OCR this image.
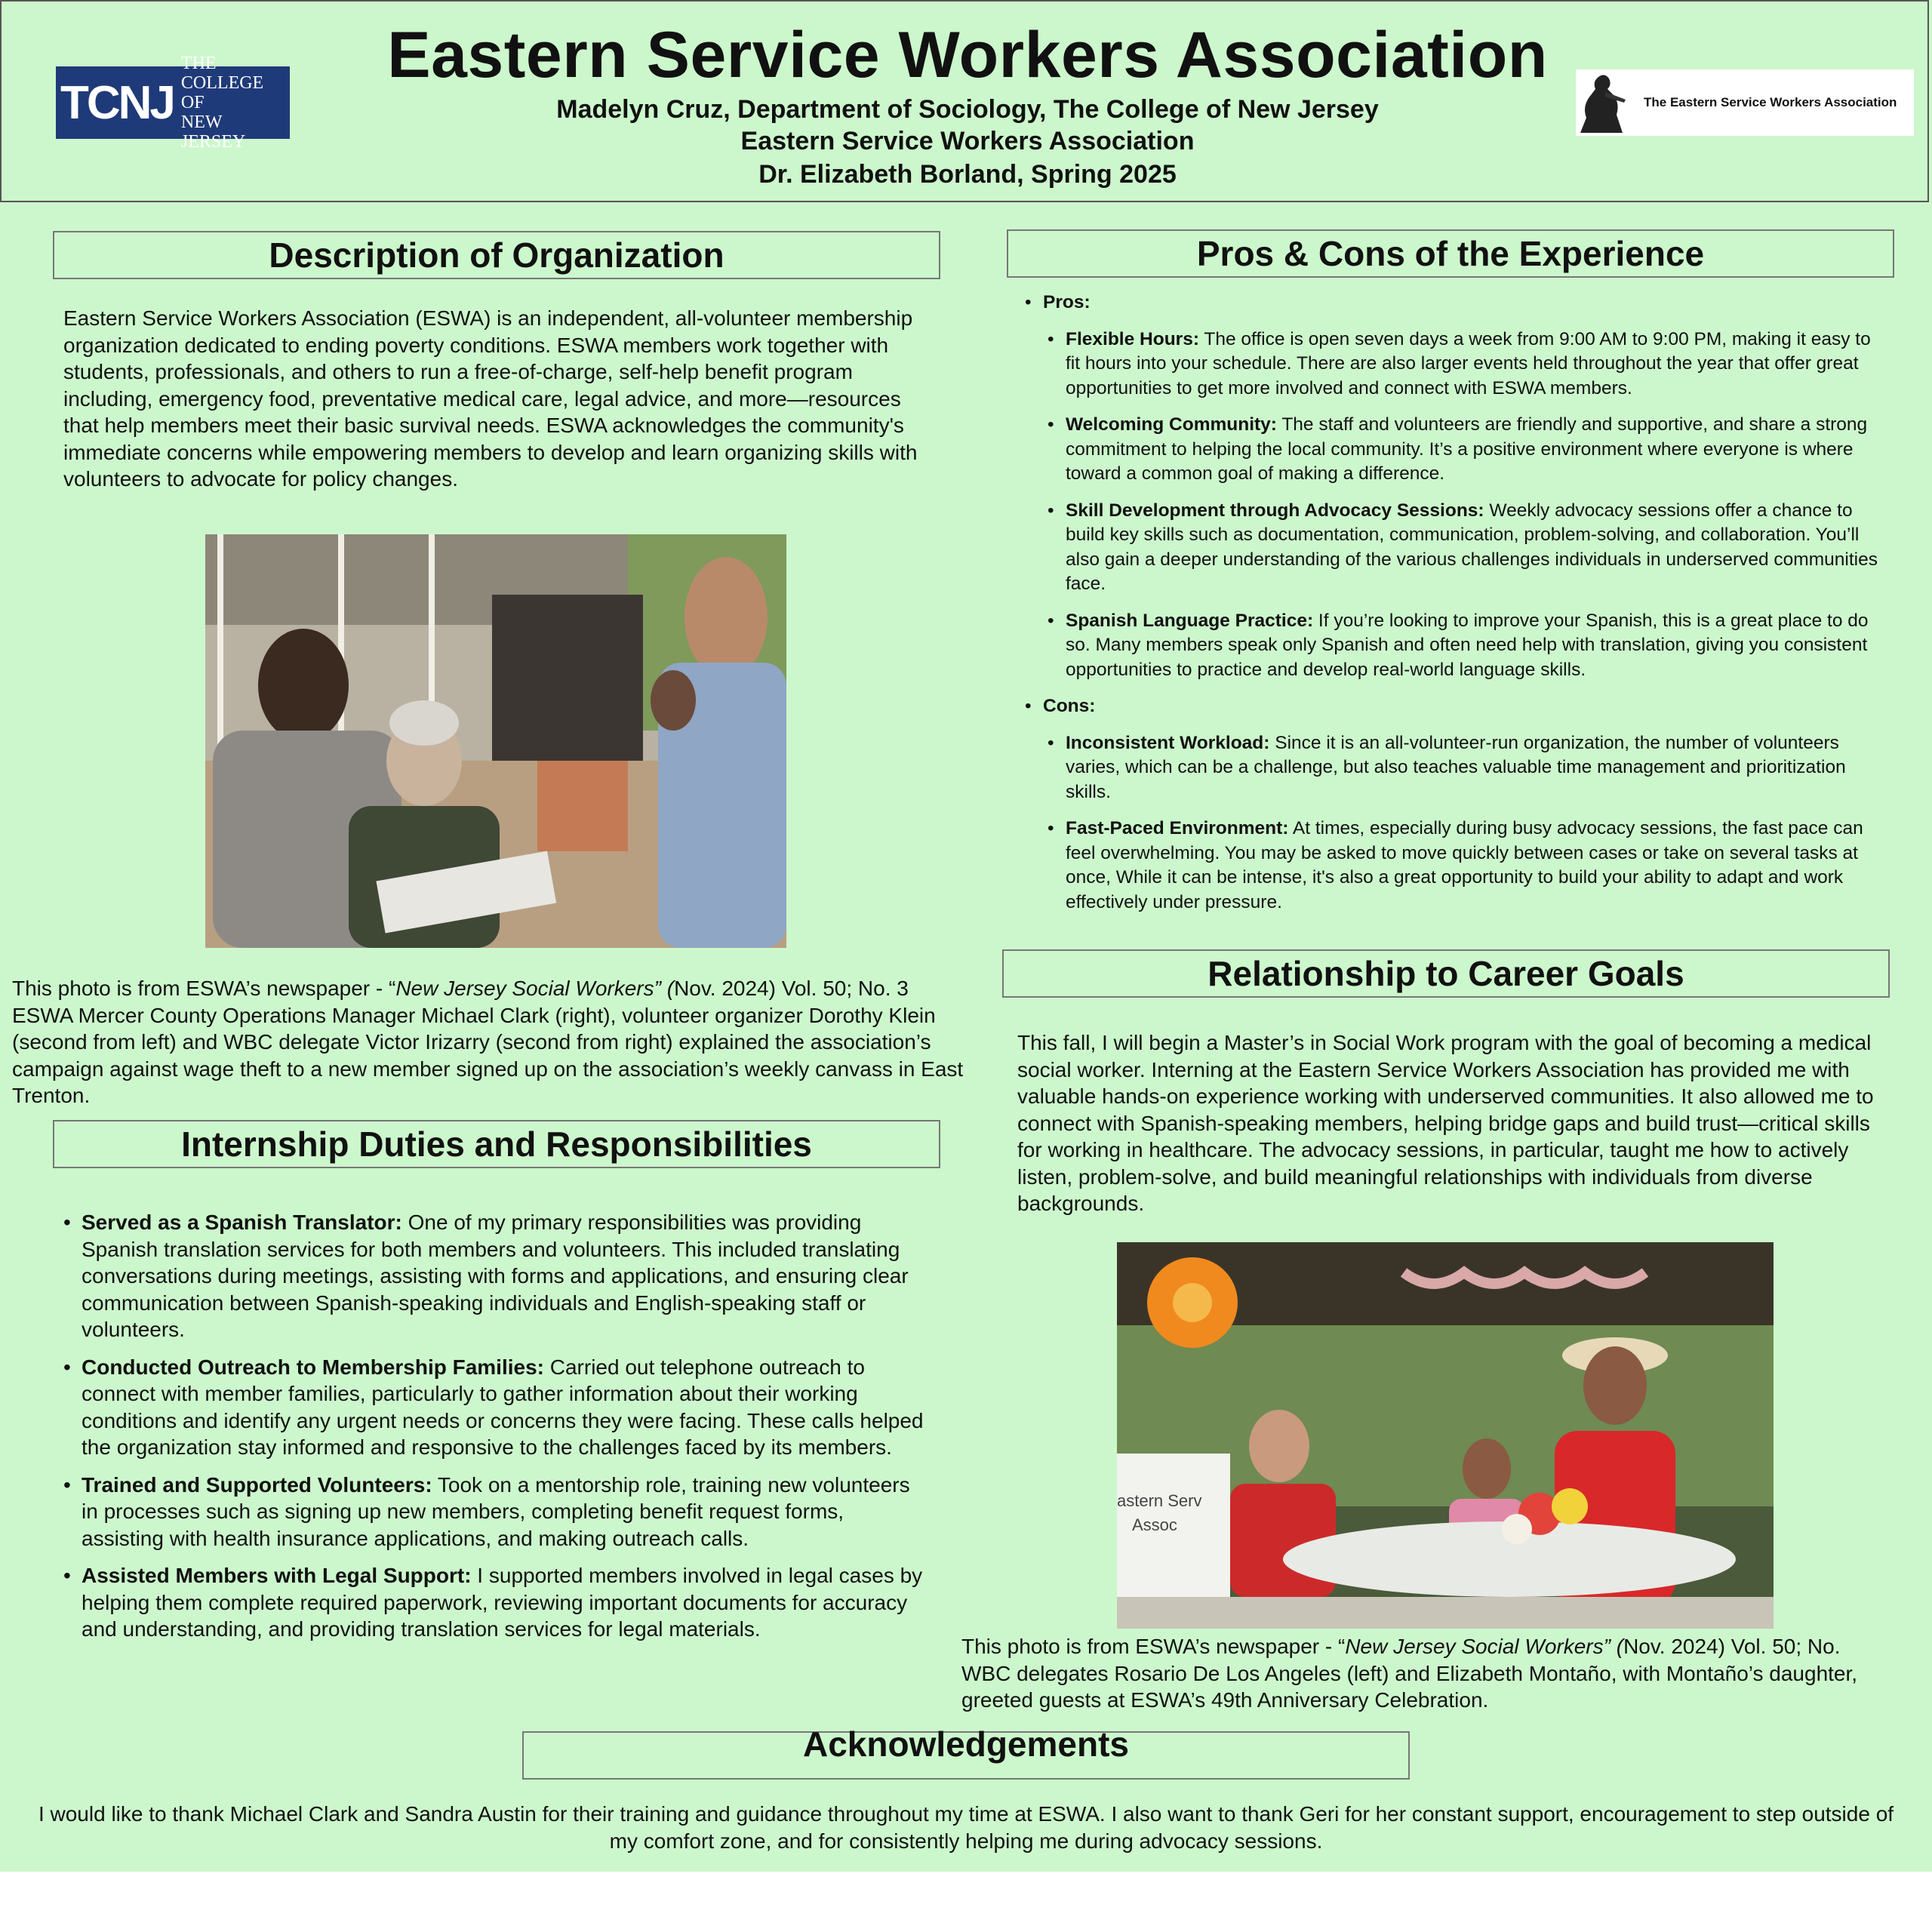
TCNJ
THE COLLEGE OF
NEW JERSEY
Eastern Service Workers Association
Madelyn Cruz, Department of Sociology, The College of New Jersey
Eastern Service Workers Association
Dr. Elizabeth Borland, Spring 2025
The Eastern Service Workers Association
Description of Organization
Eastern Service Workers Association (ESWA) is an independent, all-volunteer membership organization dedicated to ending poverty conditions. ESWA members work together with students, professionals, and others to run a free-of-charge, self-help benefit program including, emergency food, preventative medical care, legal advice, and more—resources that help members meet their basic survival needs. ESWA acknowledges the community's immediate concerns while empowering members to develop and learn organizing skills with volunteers to advocate for policy changes.
This photo is from ESWA’s newspaper - “New Jersey Social Workers” (Nov. 2024) Vol. 50; No. 3
ESWA Mercer County Operations Manager Michael Clark (right), volunteer organizer Dorothy Klein (second from left) and WBC delegate Victor Irizarry (second from right) explained the association’s campaign against wage theft to a new member signed up on the association’s weekly canvass in East Trenton.
Internship Duties and Responsibilities
• Served as a Spanish Translator: One of my primary responsibilities was providing Spanish translation services for both members and volunteers. This included translating conversations during meetings, assisting with forms and applications, and ensuring clear communication between Spanish-speaking individuals and English-speaking staff or volunteers.
• Conducted Outreach to Membership Families: Carried out telephone outreach to connect with member families, particularly to gather information about their working conditions and identify any urgent needs or concerns they were facing. These calls helped the organization stay informed and responsive to the challenges faced by its members.
• Trained and Supported Volunteers: Took on a mentorship role, training new volunteers in processes such as signing up new members, completing benefit request forms, assisting with health insurance applications, and making outreach calls.
• Assisted Members with Legal Support: I supported members involved in legal cases by helping them complete required paperwork, reviewing important documents for accuracy and understanding, and providing translation services for legal materials.
Pros & Cons of the Experience
• Pros:
• Flexible Hours: The office is open seven days a week from 9:00 AM to 9:00 PM, making it easy to fit hours into your schedule. There are also larger events held throughout the year that offer great opportunities to get more involved and connect with ESWA members.
• Welcoming Community: The staff and volunteers are friendly and supportive, and share a strong commitment to helping the local community. It’s a positive environment where everyone is where toward a common goal of making a difference.
• Skill Development through Advocacy Sessions: Weekly advocacy sessions offer a chance to build key skills such as documentation, communication, problem-solving, and collaboration. You’ll also gain a deeper understanding of the various challenges individuals in underserved communities face.
• Spanish Language Practice: If you’re looking to improve your Spanish, this is a great place to do so. Many members speak only Spanish and often need help with translation, giving you consistent opportunities to practice and develop real-world language skills.
• Cons:
• Inconsistent Workload: Since it is an all-volunteer-run organization, the number of volunteers varies, which can be a challenge, but also teaches valuable time management and prioritization skills.
• Fast-Paced Environment: At times, especially during busy advocacy sessions, the fast pace can feel overwhelming. You may be asked to move quickly between cases or take on several tasks at once, While it can be intense, it's also a great opportunity to build your ability to adapt and work effectively under pressure.
Relationship to Career Goals
This fall, I will begin a Master’s in Social Work program with the goal of becoming a medical social worker. Interning at the Eastern Service Workers Association has provided me with valuable hands-on experience working with underserved communities. It also allowed me to connect with Spanish-speaking members, helping bridge gaps and build trust—critical skills for working in healthcare. The advocacy sessions, in particular, taught me how to actively listen, problem-solve, and build meaningful relationships with individuals from diverse backgrounds.
astern Serv
Assoc
This photo is from ESWA’s newspaper - “New Jersey Social Workers” (Nov. 2024) Vol. 50; No.
WBC delegates Rosario De Los Angeles (left) and Elizabeth Montaño, with Montaño’s daughter, greeted guests at ESWA’s 49th Anniversary Celebration.
Acknowledgements
I would like to thank Michael Clark and Sandra Austin for their training and guidance throughout my time at ESWA. I also want to thank Geri for her constant support, encouragement to step outside of my comfort zone, and for consistently helping me during advocacy sessions.
